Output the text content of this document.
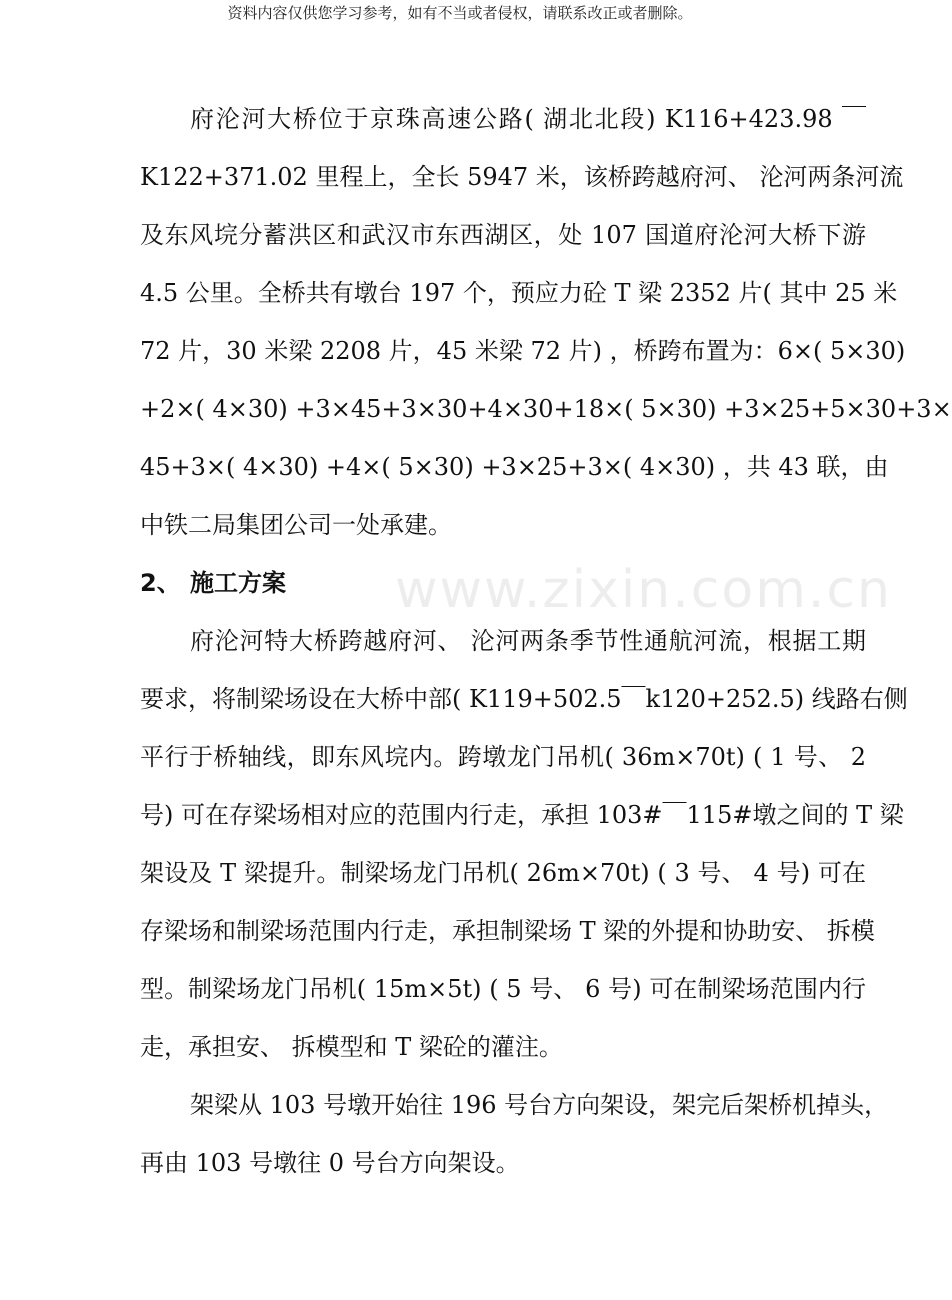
资料内容仅供您学习参考，如有不当或者侵权，请联系改正或者删除。
www.zixin.com.cn
府沦河大桥位于京珠高速公路( 湖北北段) K116+423.98 ￣
K122+371.02 里程上，全长 5947 米，该桥跨越府河、 沦河两条河流
及东风垸分蓄洪区和武汉市东西湖区，处 107 国道府沦河大桥下游
4.5 公里。全桥共有墩台 197 个，预应力砼 T 梁 2352 片( 其中 25 米
72 片，30 米梁 2208 片，45 米梁 72 片) ，桥跨布置为：6×( 5×30)
+2×( 4×30) +3×45+3×30+4×30+18×( 5×30) +3×25+5×30+3×
45+3×( 4×30) +4×( 5×30) +3×25+3×( 4×30) ，共 43 联，由
中铁二局集团公司一处承建。
2、 施工方案
府沦河特大桥跨越府河、 沦河两条季节性通航河流，根据工期
要求，将制梁场设在大桥中部( K119+502.5￣k120+252.5) 线路右侧
平行于桥轴线，即东风垸内。跨墩龙门吊机( 36m×70t) ( 1 号、 2
号) 可在存梁场相对应的范围内行走，承担 103#￣115#墩之间的 T 梁
架设及 T 梁提升。制梁场龙门吊机( 26m×70t) ( 3 号、 4 号) 可在
存梁场和制梁场范围内行走，承担制梁场 T 梁的外提和协助安、 拆模
型。制梁场龙门吊机( 15m×5t) ( 5 号、 6 号) 可在制梁场范围内行
走，承担安、 拆模型和 T 梁砼的灌注。
架梁从 103 号墩开始往 196 号台方向架设，架完后架桥机掉头，
再由 103 号墩往 0 号台方向架设。
